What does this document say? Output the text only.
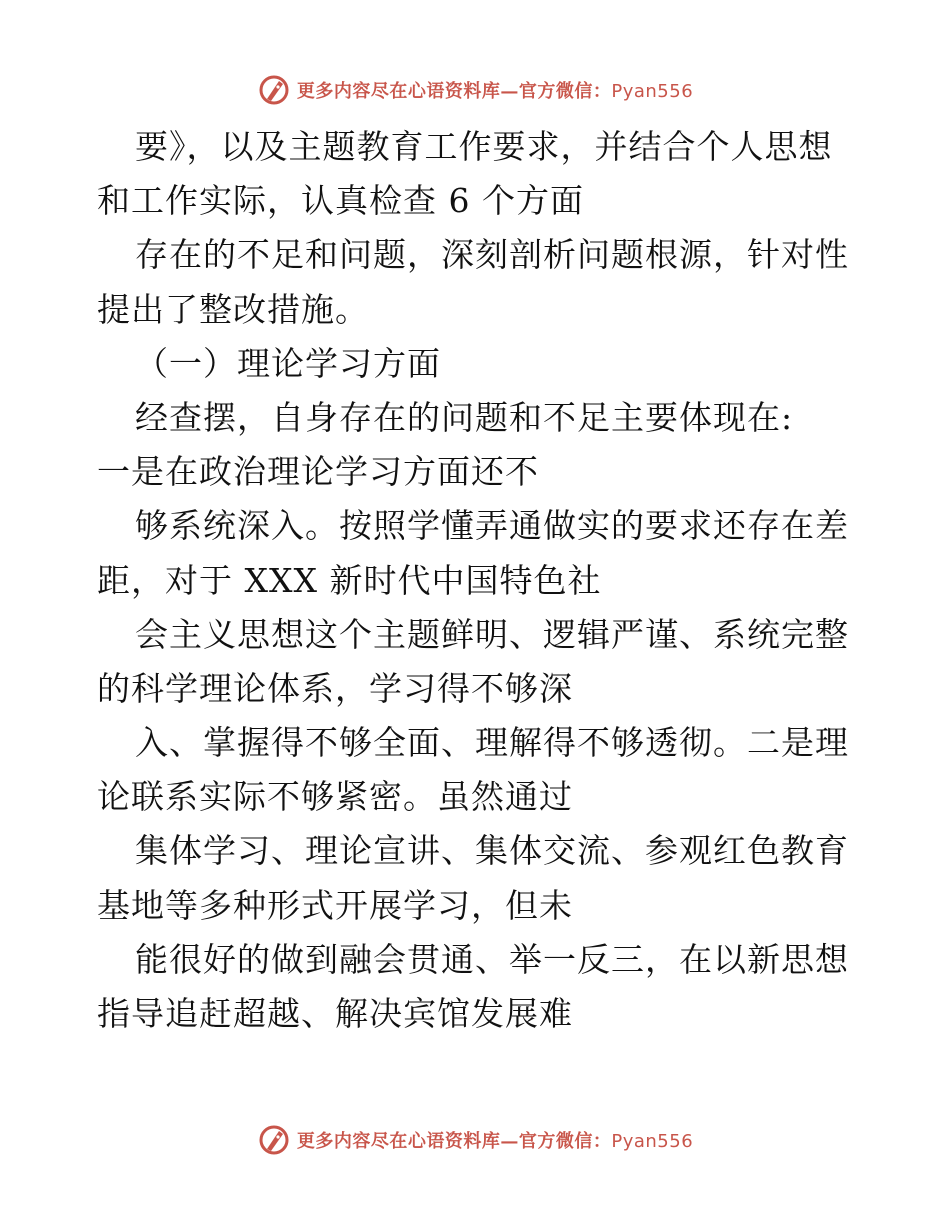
更多内容尽在心语资料库—官方微信：Pyan556
要》，以及主题教育工作要求，并结合个人思想
和工作实际，认真检查 6 个方面
存在的不足和问题，深刻剖析问题根源，针对性
提出了整改措施。
（一）理论学习方面
经查摆，自身存在的问题和不足主要体现在:
一是在政治理论学习方面还不
够系统深入。按照学懂弄通做实的要求还存在差
距，对于 XXX 新时代中国特色社
会主义思想这个主题鲜明、逻辑严谨、系统完整
的科学理论体系，学习得不够深
入、掌握得不够全面、理解得不够透彻。二是理
论联系实际不够紧密。虽然通过
集体学习、理论宣讲、集体交流、参观红色教育
基地等多种形式开展学习，但未
能很好的做到融会贯通、举一反三，在以新思想
指导追赶超越、解决宾馆发展难
更多内容尽在心语资料库—官方微信：Pyan556
